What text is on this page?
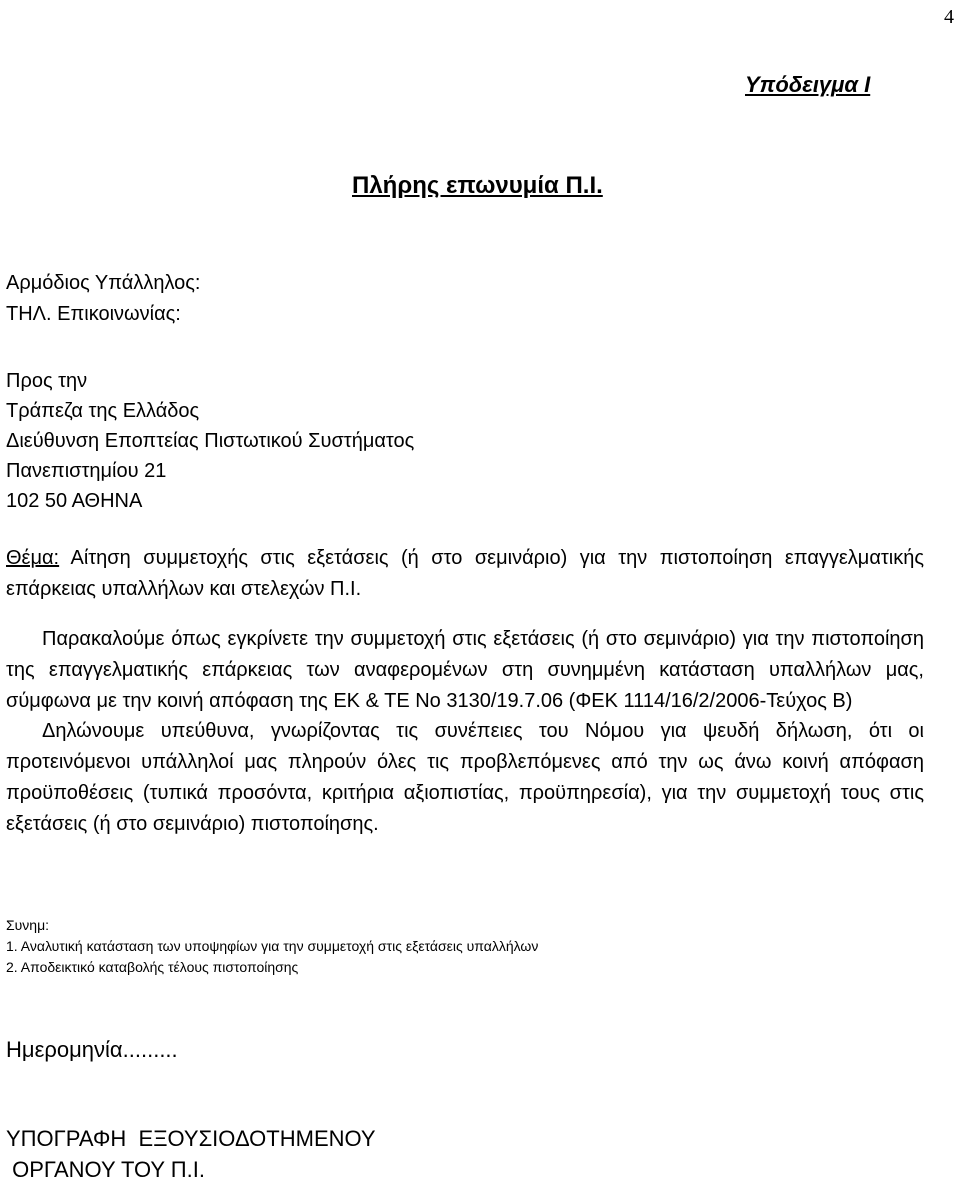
4
Υπόδειγμα Ι
Πλήρης επωνυμία Π.Ι.
Αρμόδιος Υπάλληλος:
ΤΗΛ. Επικοινωνίας:
Προς την
Τράπεζα της Ελλάδος
Διεύθυνση Εποπτείας Πιστωτικού Συστήματος
Πανεπιστημίου 21
102 50 ΑΘΗΝΑ

Θέμα: Αίτηση συμμετοχής στις εξετάσεις (ή στο σεμινάριο) για την πιστοποίηση επαγγελματικής επάρκειας υπαλλήλων και στελεχών Π.Ι.

Παρακαλούμε όπως εγκρίνετε την συμμετοχή στις εξετάσεις (ή στο σεμινάριο) για την πιστοποίηση της επαγγελματικής επάρκειας των αναφερομένων στη συνημμένη κατάσταση υπαλλήλων μας, σύμφωνα με την κοινή απόφαση της ΕΚ & ΤΕ Νο 3130/19.7.06 (ΦΕΚ 1114/16/2/2006-Τεύχος Β)

Δηλώνουμε υπεύθυνα, γνωρίζοντας τις συνέπειες του Νόμου για ψευδή δήλωση, ότι οι προτεινόμενοι υπάλληλοί μας πληρούν όλες τις προβλεπόμενες από την ως άνω κοινή απόφαση προϋποθέσεις (τυπικά προσόντα, κριτήρια αξιοπιστίας, προϋπηρεσία), για την συμμετοχή τους στις εξετάσεις (ή στο σεμινάριο) πιστοποίησης.

Συνημ:
1. Αναλυτική κατάσταση των υποψηφίων για την συμμετοχή στις εξετάσεις υπαλλήλων
2. Αποδεικτικό καταβολής τέλους πιστοποίησης
Ημερομηνία.........
ΥΠΟΓΡΑΦΗ  ΕΞΟΥΣΙΟΔΟΤΗΜΕΝΟΥ
ΟΡΓΑΝΟΥ ΤΟΥ Π.Ι.
